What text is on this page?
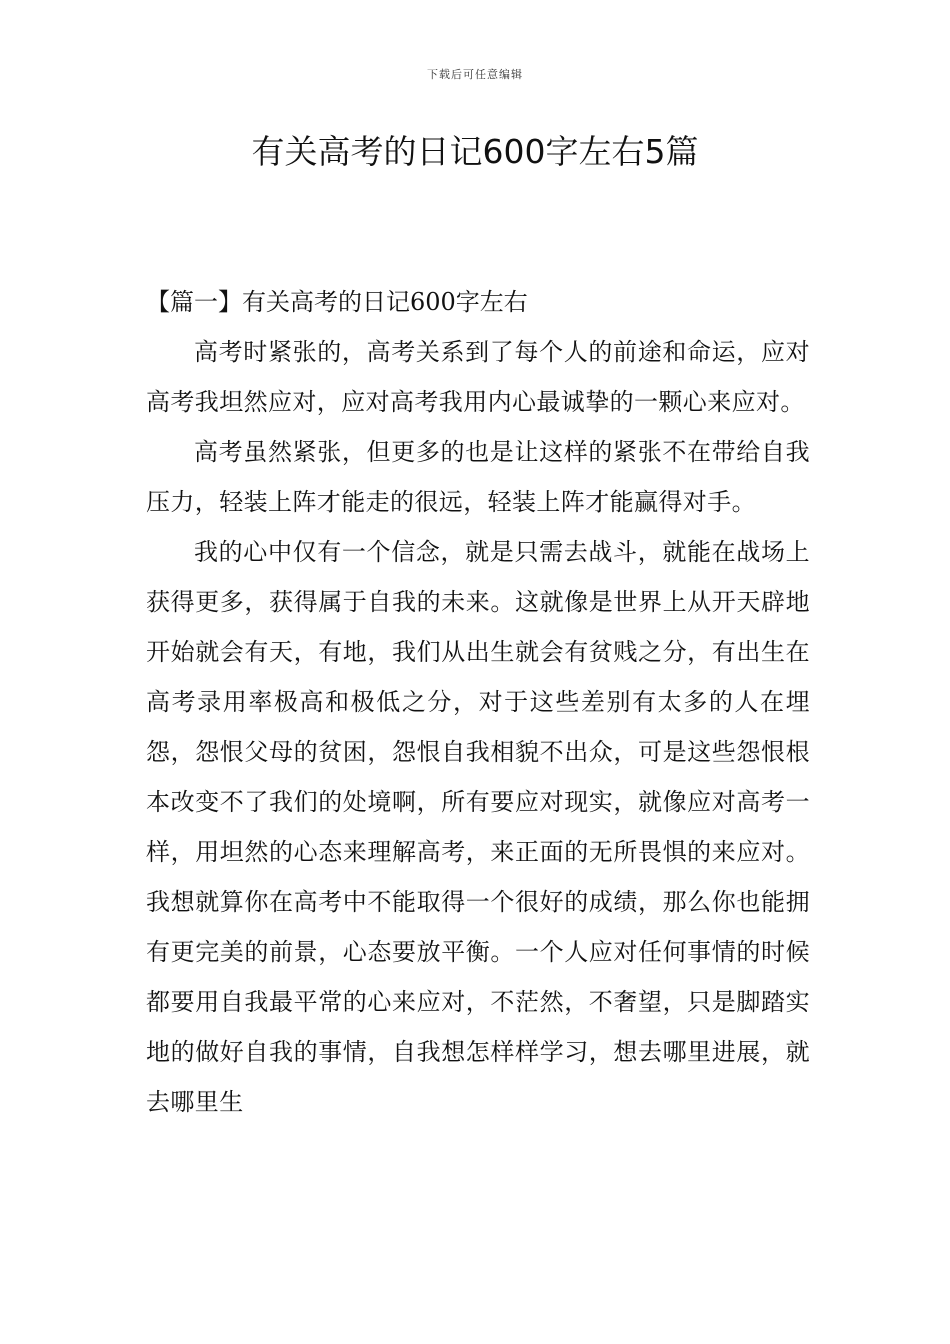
下载后可任意编辑
有关高考的日记600字左右5篇
【篇一】有关高考的日记600字左右

高考时紧张的，高考关系到了每个人的前途和命运，应对高考我坦然应对，应对高考我用内心最诚挚的一颗心来应对。

高考虽然紧张，但更多的也是让这样的紧张不在带给自我压力，轻装上阵才能走的很远，轻装上阵才能赢得对手。

我的心中仅有一个信念，就是只需去战斗，就能在战场上获得更多，获得属于自我的未来。这就像是世界上从开天辟地开始就会有天，有地，我们从出生就会有贫贱之分，有出生在高考录用率极高和极低之分，对于这些差别有太多的人在埋怨，怨恨父母的贫困，怨恨自我相貌不出众，可是这些怨恨根本改变不了我们的处境啊，所有要应对现实，就像应对高考一样，用坦然的心态来理解高考，来正面的无所畏惧的来应对。我想就算你在高考中不能取得一个很好的成绩，那么你也能拥有更完美的前景，心态要放平衡。一个人应对任何事情的时候都要用自我最平常的心来应对，不茫然，不奢望，只是脚踏实地的做好自我的事情，自我想怎样样学习，想去哪里进展，就去哪里生
